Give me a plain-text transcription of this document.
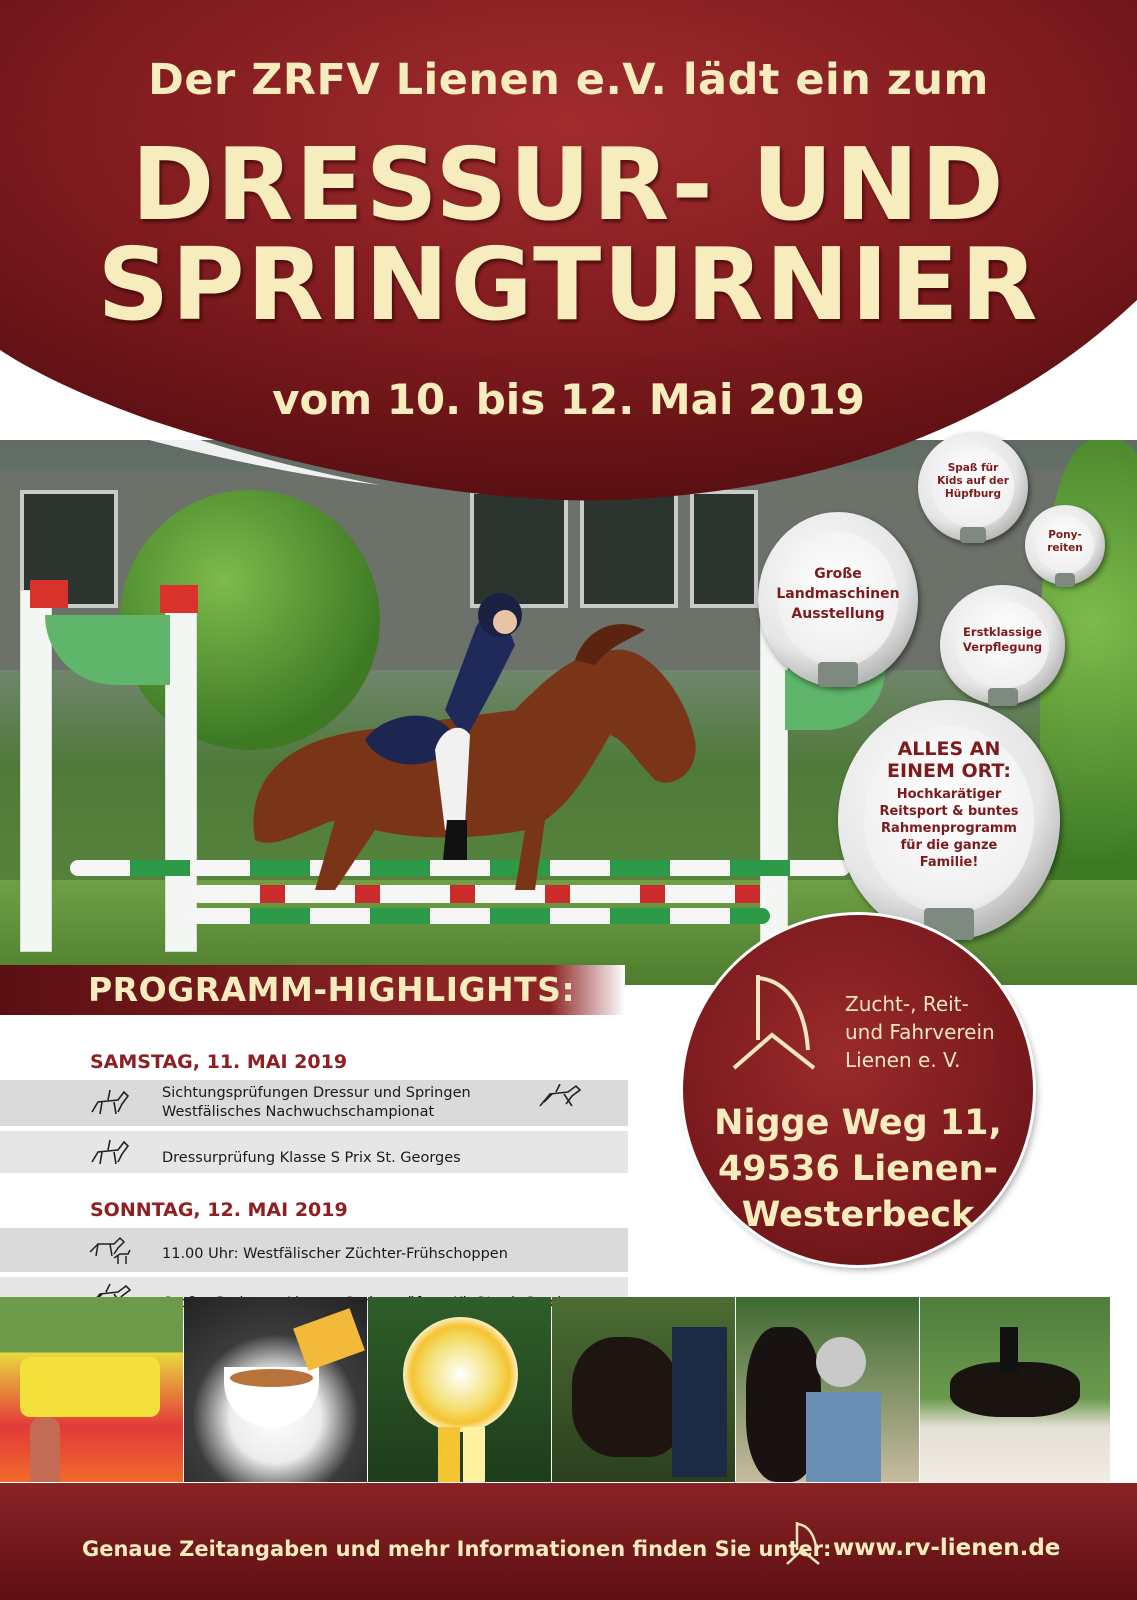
Der ZRFV Lienen e.V. lädt ein zum
DRESSUR- UND
SPRINGTURNIER
vom 10. bis 12. Mai 2019
Spaß für
Kids auf der
Hüpfburg
Pony-
reiten
Große
Landmaschinen
Ausstellung
Erstklassige
Verpflegung
ALLES AN
EINEM ORT:
Hochkarätiger
Reitsport & buntes
Rahmenprogramm
für die ganze
Familie!
Zucht-, Reit-
und Fahrverein
Lienen e. V.
Nigge Weg 11,
49536 Lienen-
Westerbeck
PROGRAMM-HIGHLIGHTS:
SAMSTAG, 11. MAI 2019
Sichtungsprüfungen Dressur und Springen
Westfälisches Nachwuchschampionat
Dressurprüfung Klasse S Prix St. Georges
SONNTAG, 12. MAI 2019
11.00 Uhr: Westfälischer Züchter-Frühschoppen
Genaue Zeitangaben und mehr Informationen finden Sie unter: www.rv-lienen.de
